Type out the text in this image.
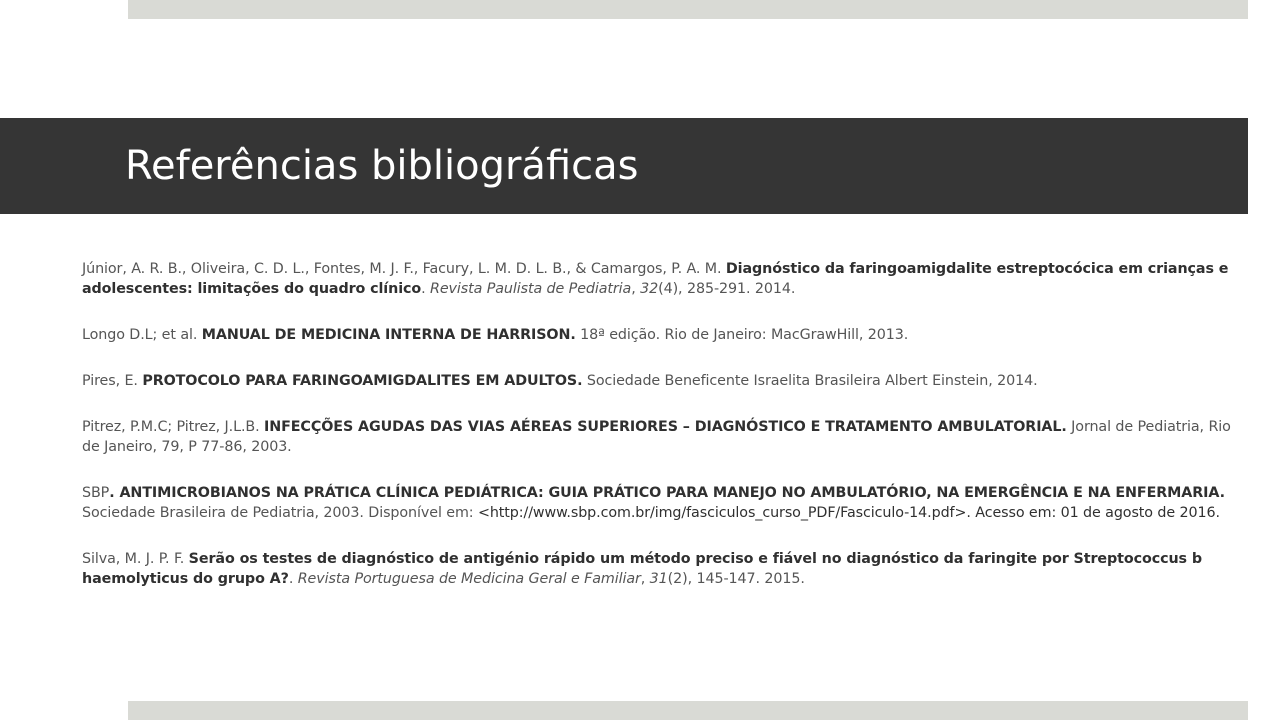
Referências bibliográficas
Júnior, A. R. B., Oliveira, C. D. L., Fontes, M. J. F., Facury, L. M. D. L. B., & Camargos, P. A. M. Diagnóstico da faringoamigdalite estreptocócica em crianças e adolescentes: limitações do quadro clínico. Revista Paulista de Pediatria, 32(4), 285-291. 2014.
Longo D.L; et al. MANUAL DE MEDICINA INTERNA DE HARRISON. 18ª edição. Rio de Janeiro: MacGrawHill, 2013.
Pires, E. PROTOCOLO PARA FARINGOAMIGDALITES EM ADULTOS. Sociedade Beneficente Israelita Brasileira Albert Einstein, 2014.
Pitrez, P.M.C; Pitrez, J.L.B. INFECÇÕES AGUDAS DAS VIAS AÉREAS SUPERIORES – DIAGNÓSTICO E TRATAMENTO AMBULATORIAL. Jornal de Pediatria, Rio de Janeiro, 79, P 77-86, 2003.
SBP. ANTIMICROBIANOS NA PRÁTICA CLÍNICA PEDIÁTRICA: GUIA PRÁTICO PARA MANEJO NO AMBULATÓRIO, NA EMERGÊNCIA E NA ENFERMARIA. Sociedade Brasileira de Pediatria, 2003. Disponível em: <http://www.sbp.com.br/img/fasciculos_curso_PDF/Fasciculo-14.pdf>. Acesso em: 01 de agosto de 2016.
Silva, M. J. P. F. Serão os testes de diagnóstico de antigénio rápido um método preciso e fiável no diagnóstico da faringite por Streptococcus b haemolyticus do grupo A?. Revista Portuguesa de Medicina Geral e Familiar, 31(2), 145-147. 2015.
